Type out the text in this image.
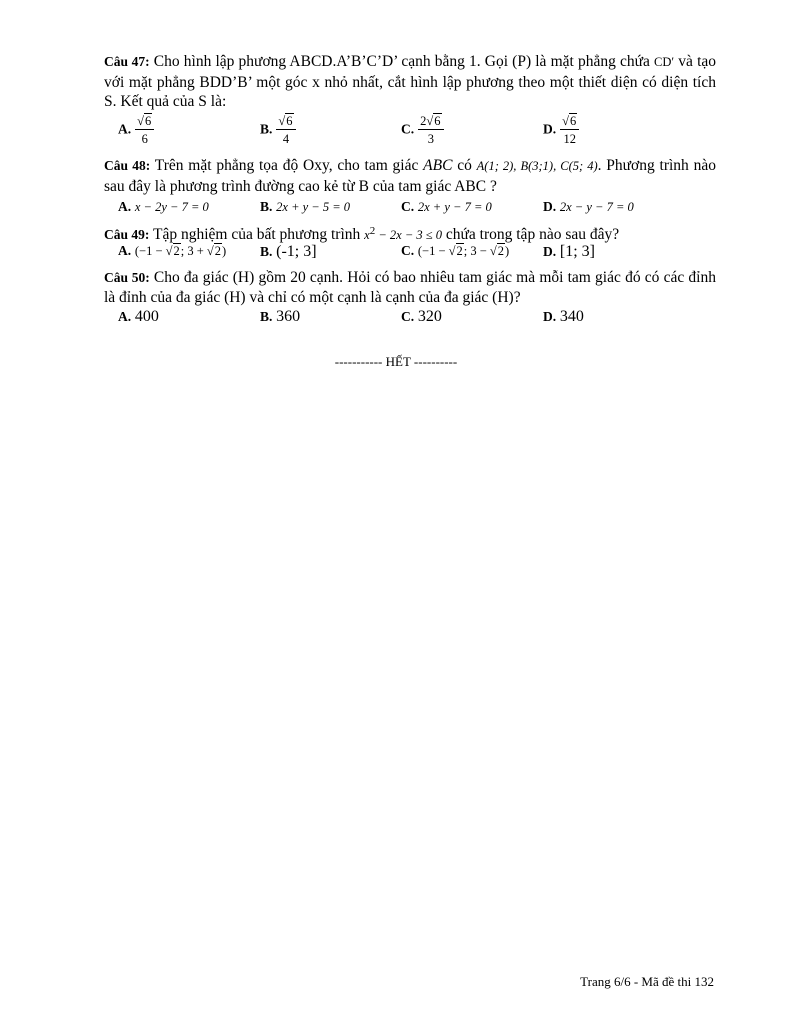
Câu 47: Cho hình lập phương ABCD.A’B’C’D’ cạnh bằng 1. Gọi (P) là mặt phẳng chứa CD′ và tạo với mặt phẳng BDD’B’ một góc x nhỏ nhất, cắt hình lập phương theo một thiết diện có diện tích S. Kết quả của S là:
A. $\frac{√6}{6}$	B. $\frac{√6}{4}$	C. $\frac{2√6}{3}$	D. $\frac{√6}{12}$
Câu 48: Trên mặt phẳng tọa độ Oxy, cho tam giác ABC có A(1; 2), B(3;1), C(5; 4). Phương trình nào sau đây là phương trình đường cao kẻ từ B của tam giác ABC ?
A. x − 2y − 7 = 0	B. 2x + y − 5 = 0	C. 2x + y − 7 = 0	D. 2x − y − 7 = 0
Câu 49: Tập nghiệm của bất phương trình $x^2 - 2x - 3 \le 0$ chứa trong tập nào sau đây?
A. (−1 − √2; 3 + √2)	B. (-1; 3]	C. (−1 − √2; 3 − √2)	D. [1; 3]
Câu 50: Cho đa giác (H) gồm 20 cạnh. Hỏi có bao nhiêu tam giác mà mỗi tam giác đó có các đỉnh là đỉnh của đa giác (H) và chỉ có một cạnh là cạnh của đa giác (H)?
A. 400	B. 360	C. 320	D. 340
----------- HẾT ----------
Trang 6/6 - Mã đề thi 132
